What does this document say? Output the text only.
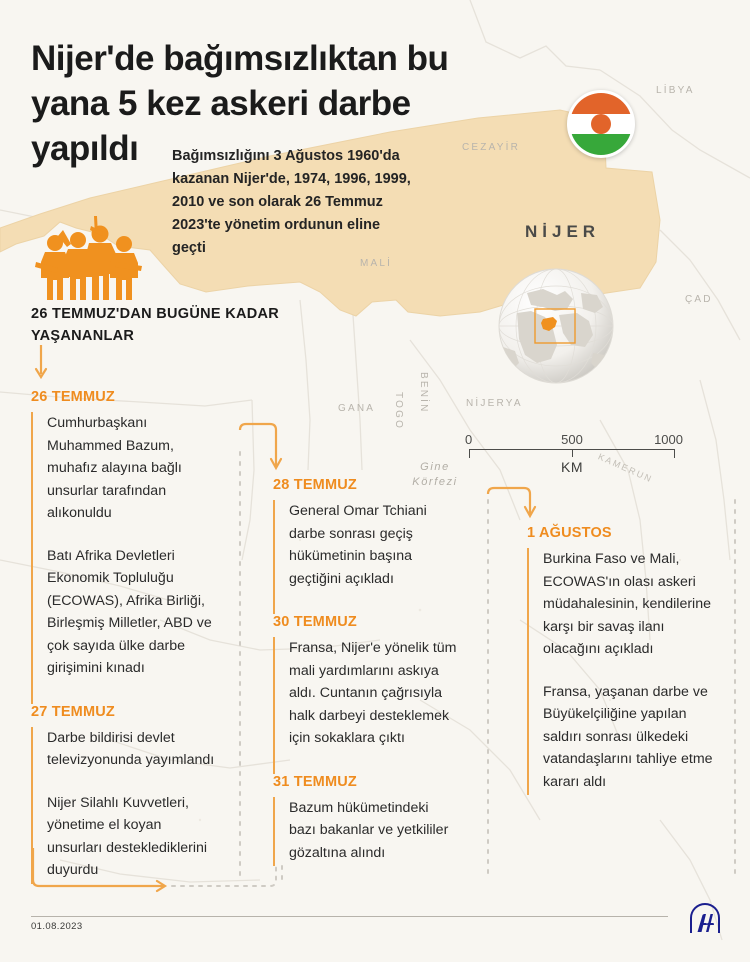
CEZAYİR
LİBYA
ÇAD
MALİ
BENİN
TOGO
GANA	NİJERYA
KAMERUN
Gine
Körfezi
NİJER
0	500	1000
KM
Nijer'de bağımsızlıktan bu yana 5 kez askeri darbe yapıldı	Bağımsızlığını 3 Ağustos 1960'da kazanan Nijer'de, 1974, 1996, 1999, 2010 ve son olarak 26 Temmuz 2023'te yönetim ordunun eline geçti
26 TEMMUZ'DAN BUGÜNE KADAR YAŞANANLAR
26 TEMMUZ

Cumhurbaşkanı Muhammed Bazum, muhafız alayına bağlı unsurlar tarafından alıkonuldu

Batı Afrika Devletleri Ekonomik Topluluğu (ECOWAS), Afrika Birliği, Birleşmiş Milletler, ABD ve çok sayıda ülke darbe girişimini kınadı

27 TEMMUZ

Darbe bildirisi devlet televizyonunda yayımlandı

Nijer Silahlı Kuvvetleri, yönetime el koyan unsurları desteklediklerini duyurdu

28 TEMMUZ

General Omar Tchiani darbe sonrası geçiş hükümetinin başına geçtiğini açıkladı

30 TEMMUZ

Fransa, Nijer'e yönelik tüm mali yardımlarını askıya aldı. Cuntanın çağrısıyla halk darbeyi desteklemek için sokaklara çıktı

31 TEMMUZ

Bazum hükümetindeki bazı bakanlar ve yetkililer gözaltına alındı

1 AĞUSTOS

Burkina Faso ve Mali, ECOWAS'ın olası askeri müdahalesinin, kendilerine karşı bir savaş ilanı olacağını açıkladı

Fransa, yaşanan darbe ve Büyükelçiliğine yapılan saldırı sonrası ülkedeki vatandaşlarını tahliye etme kararı aldı

01.08.2023
